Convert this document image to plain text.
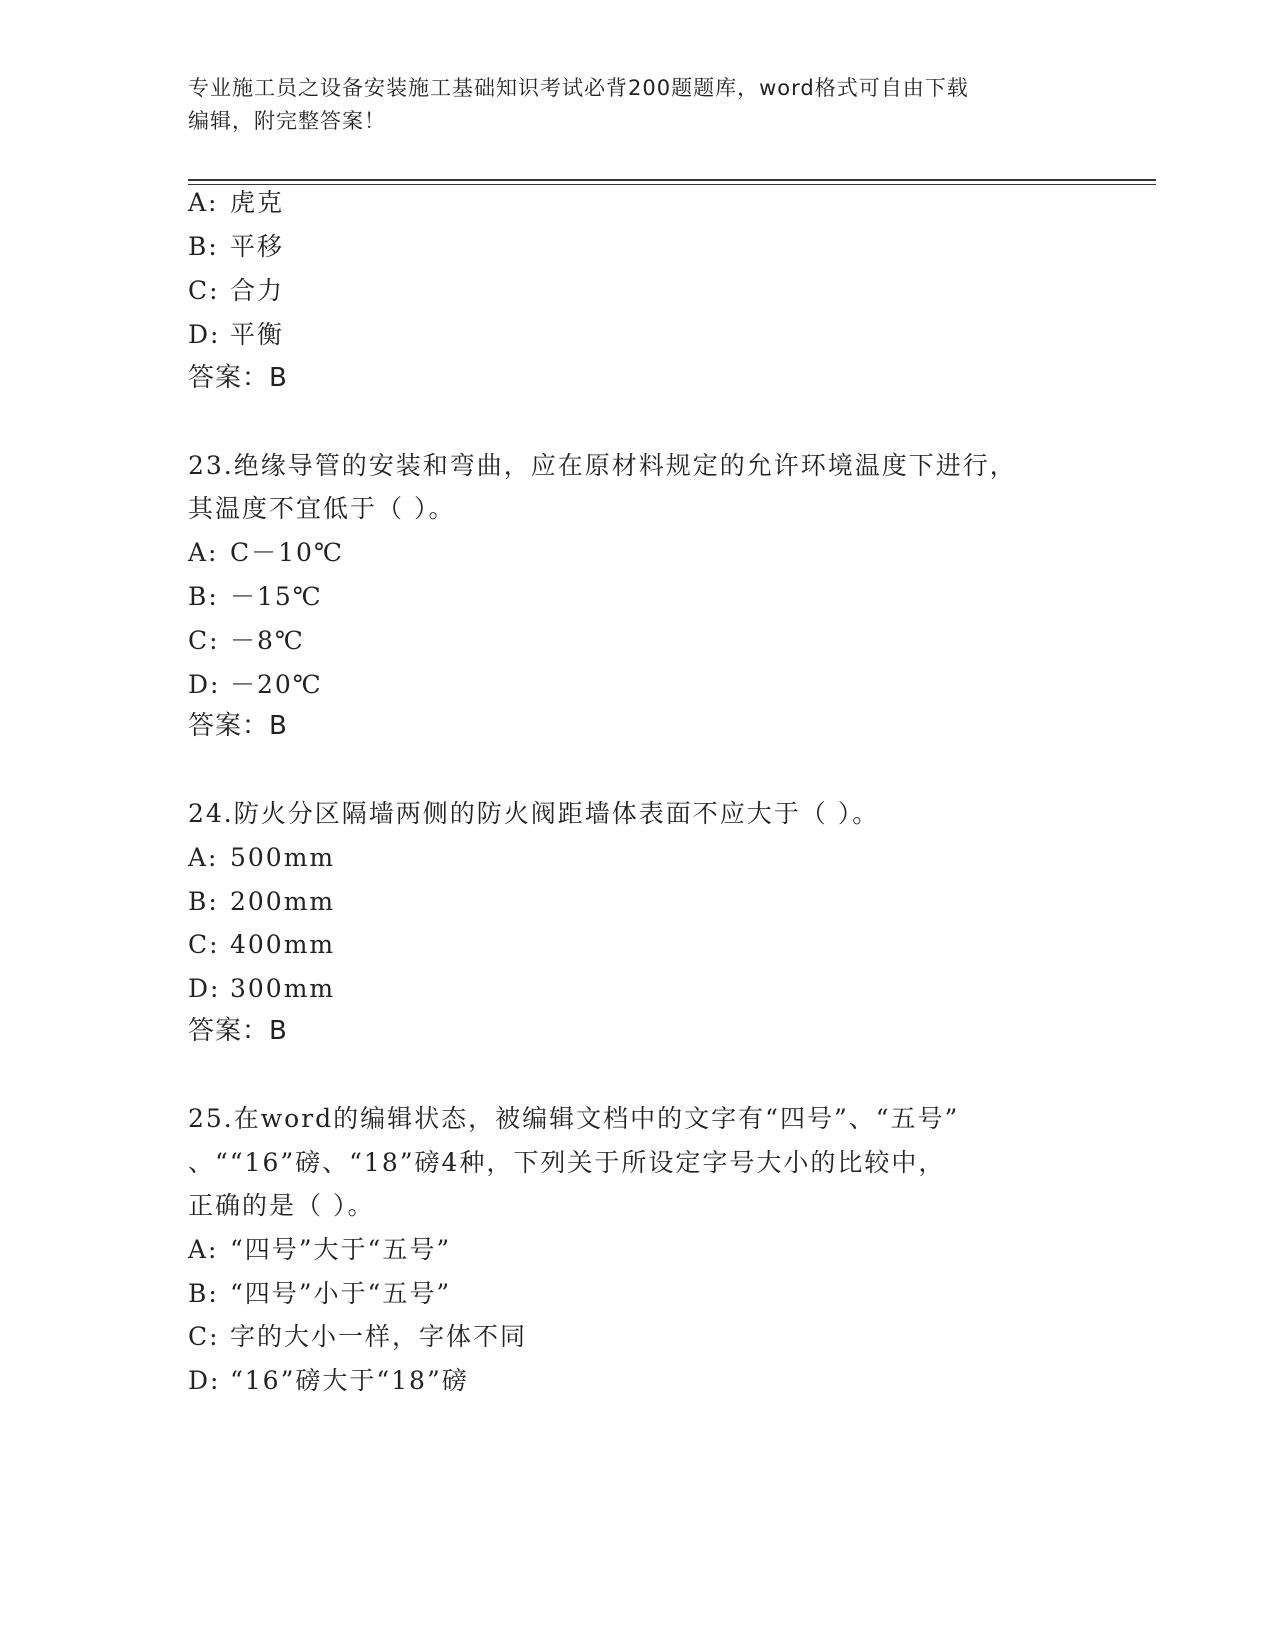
专业施工员之设备安装施工基础知识考试必背200题题库，word格式可自由下载
编辑，附完整答案！
A: 虎克
B: 平移
C: 合力
D: 平衡
答案：B
23.绝缘导管的安装和弯曲，应在原材料规定的允许环境温度下进行，
其温度不宜低于（ ）。
A: C－10℃
B: －15℃
C: －8℃
D: －20℃
答案：B
24.防火分区隔墙两侧的防火阀距墙体表面不应大于（ ）。
A: 500mm
B: 200mm
C: 400mm
D: 300mm
答案：B
25.在word的编辑状态，被编辑文档中的文字有“四号”、“五号”
、““16”磅、“18”磅4种，下列关于所设定字号大小的比较中，
正确的是（ ）。
A: “四号”大于“五号”
B: “四号”小于“五号”
C: 字的大小一样，字体不同
D: “16”磅大于“18”磅
